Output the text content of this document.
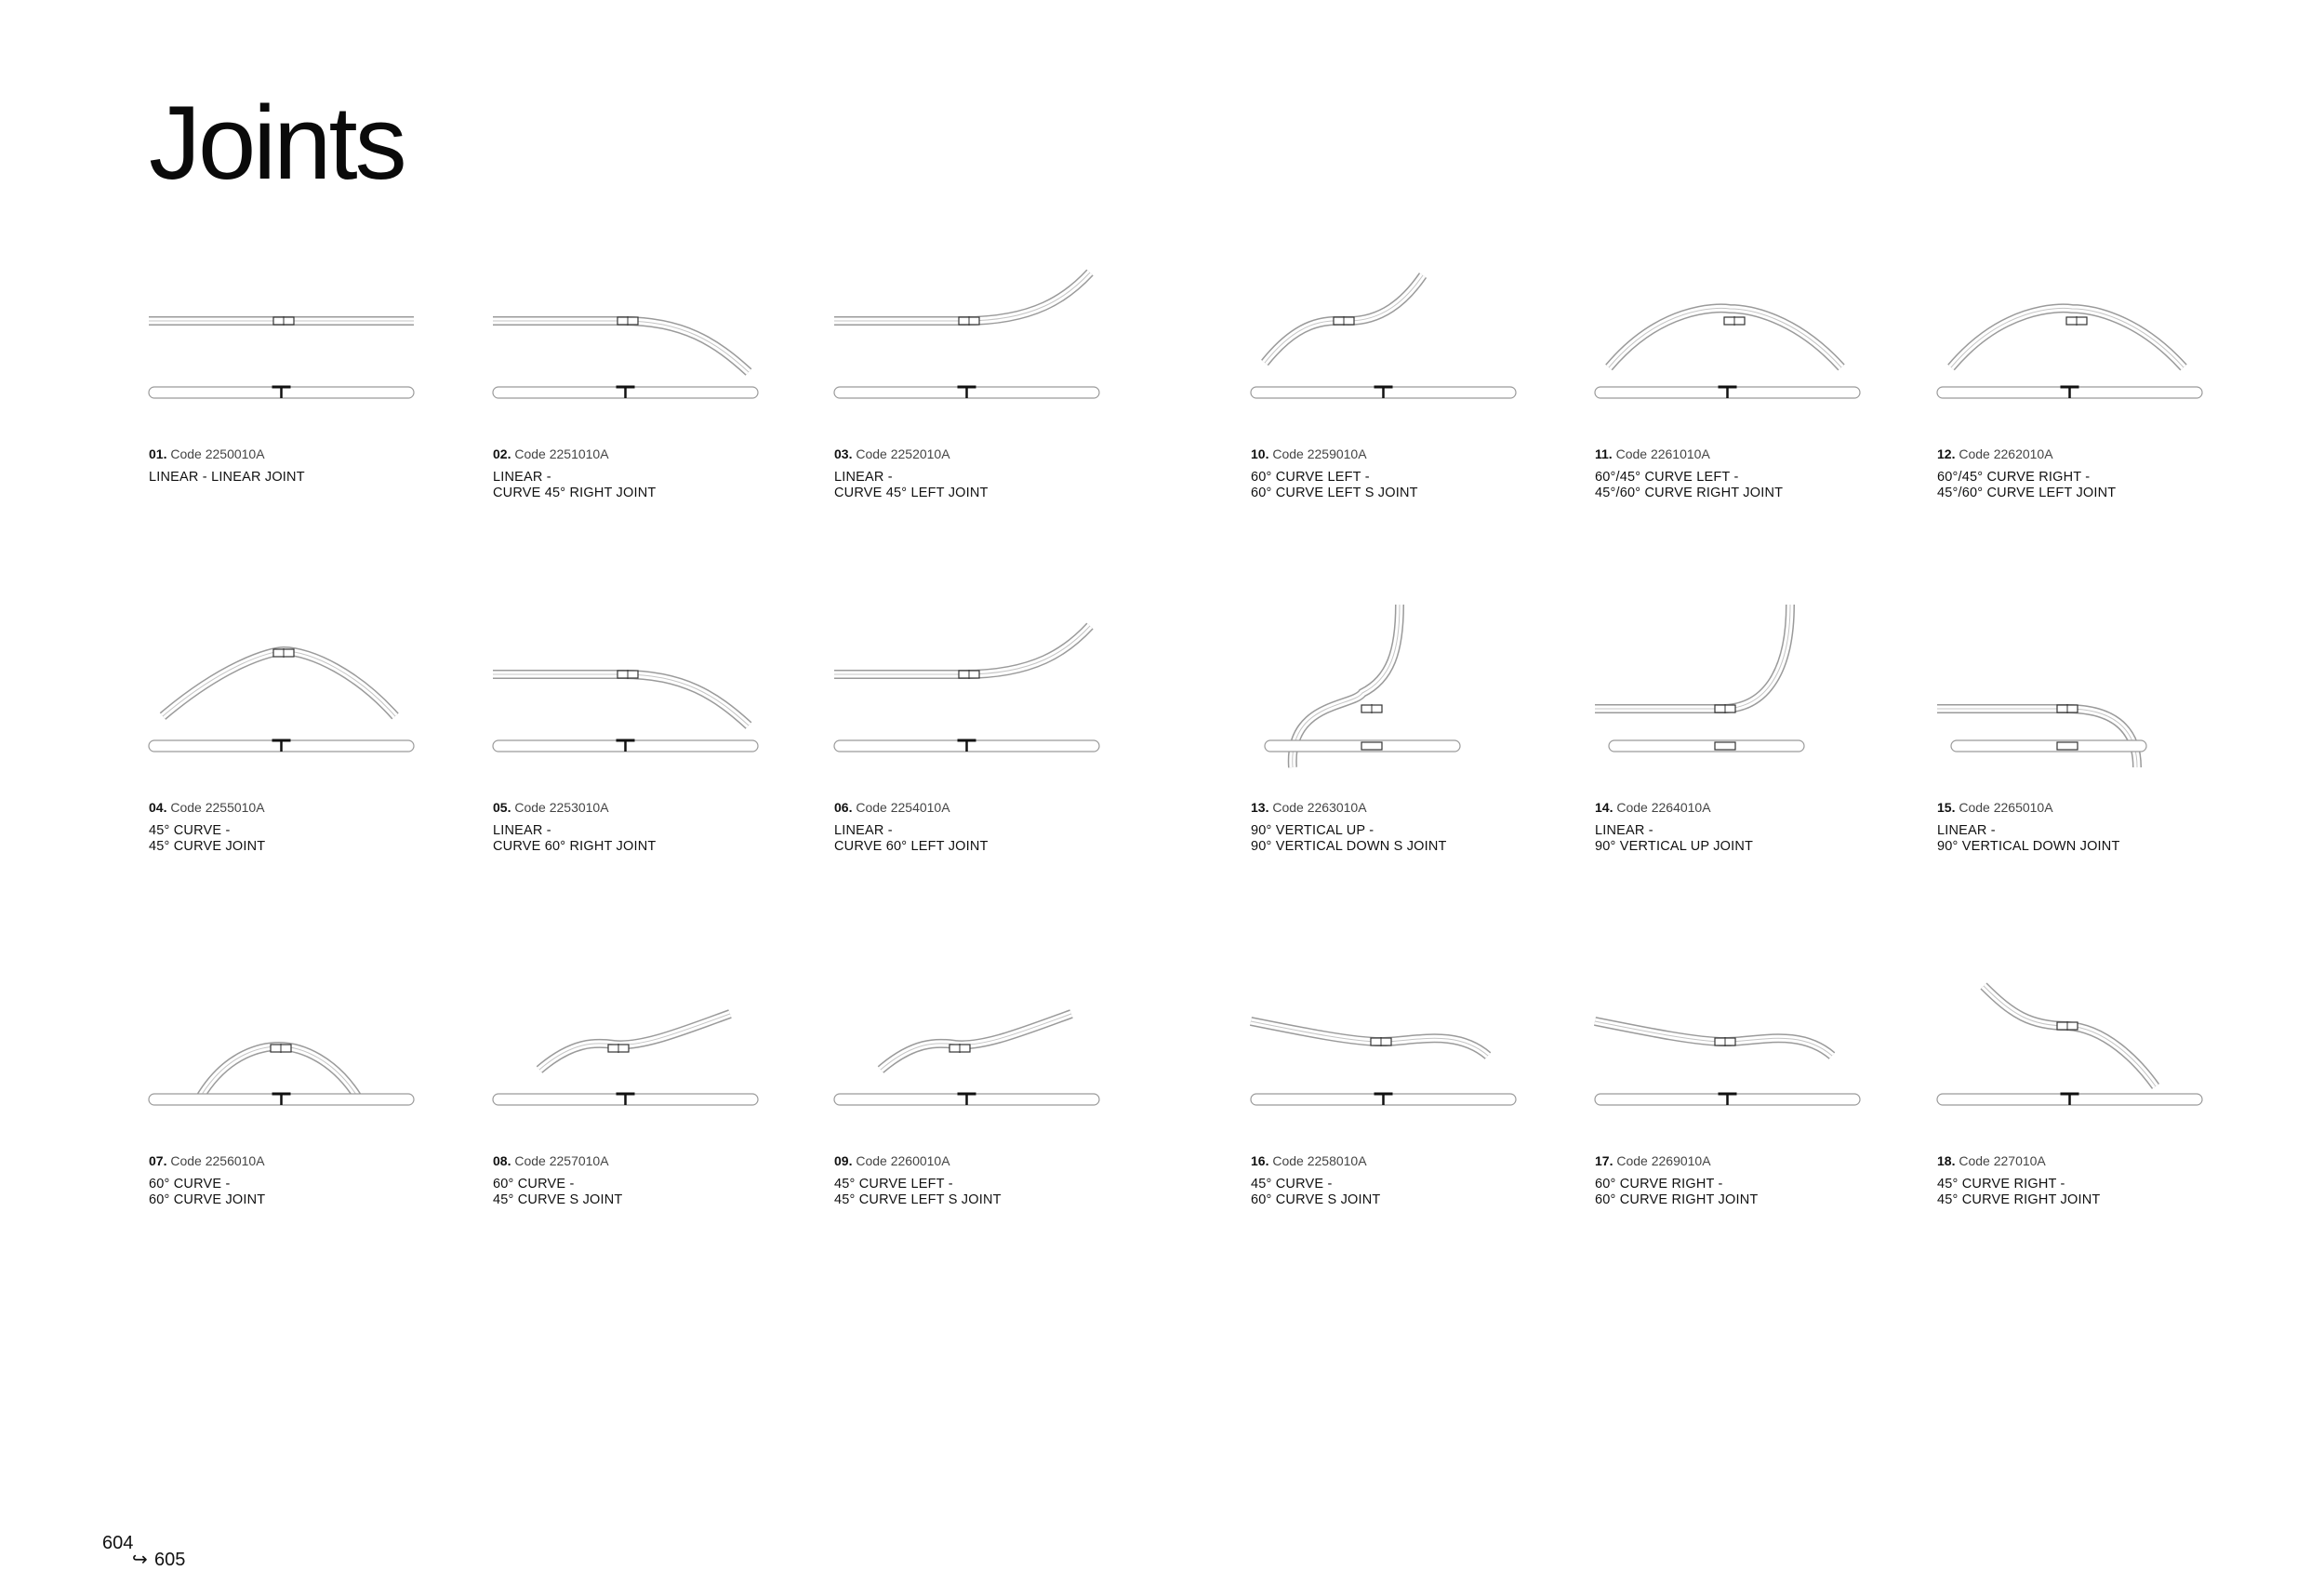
Joints

01. Code 2250010A

LINEAR - LINEAR JOINT

02. Code 2251010A

LINEAR -

CURVE 45° RIGHT JOINT

03. Code 2252010A

LINEAR -

CURVE 45° LEFT JOINT

10. Code 2259010A

60° CURVE LEFT -

60° CURVE LEFT S JOINT

11. Code 2261010A

60°/45° CURVE LEFT -

45°/60° CURVE RIGHT JOINT

12. Code 2262010A

60°/45° CURVE RIGHT -

45°/60° CURVE LEFT JOINT

04. Code 2255010A

45° CURVE -

45° CURVE JOINT

05. Code 2253010A

LINEAR -

CURVE 60° RIGHT JOINT

06. Code 2254010A

LINEAR -

CURVE 60° LEFT JOINT

13. Code 2263010A

90° VERTICAL UP -

90° VERTICAL DOWN S JOINT

14. Code 2264010A

LINEAR -

90° VERTICAL UP JOINT

15. Code 2265010A

LINEAR -

90° VERTICAL DOWN JOINT

07. Code 2256010A

60° CURVE -

60° CURVE JOINT

08. Code 2257010A

60° CURVE -

45° CURVE S JOINT

09. Code 2260010A

45° CURVE LEFT -

45° CURVE LEFT S JOINT

16. Code 2258010A

45° CURVE -

60° CURVE S JOINT

17. Code 2269010A

60° CURVE RIGHT -

60° CURVE RIGHT JOINT

18. Code 227010A

45° CURVE RIGHT -

45° CURVE RIGHT JOINT

604
↪ 605
